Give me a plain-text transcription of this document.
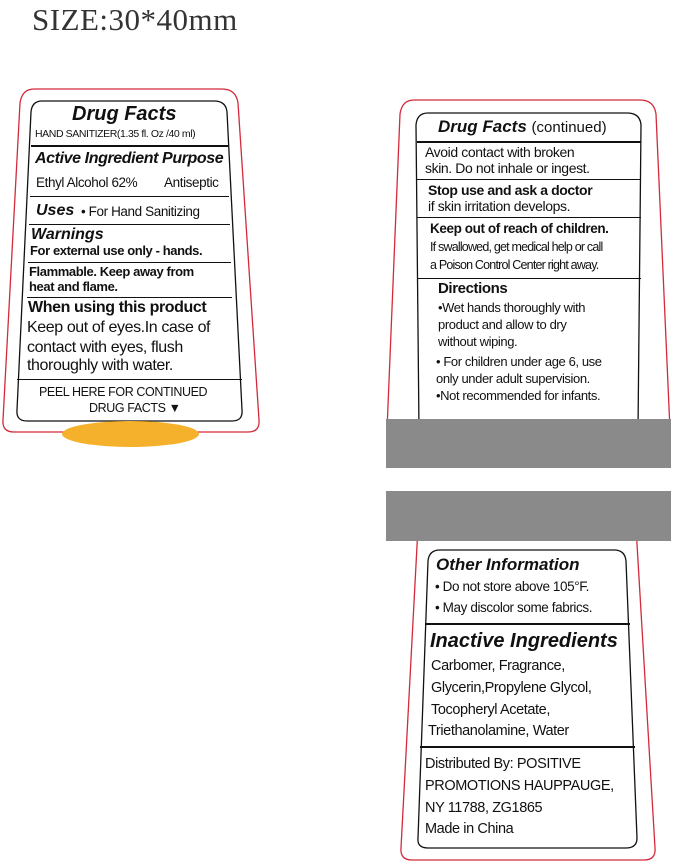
SIZE:30*40mm
Drug Facts
HAND SANITIZER(1.35 fl. Oz /40 ml)
Active Ingredient Purpose
Ethyl Alcohol 62% Antiseptic
Uses • For Hand Sanitizing
Warnings
For external use only - hands.
Flammable. Keep away from
heat and flame.
When using this product
Keep out of eyes.In case of
contact with eyes, flush
thoroughly with water.
PEEL HERE FOR CONTINUED
DRUG FACTS ▼
Drug Facts (continued)
Avoid contact with broken
skin. Do not inhale or ingest.
Stop use and ask a doctor
if skin irritation develops.
Keep out of reach of children.
If swallowed, get medical help or call
a Poison Control Center right away.
Directions
•Wet hands thoroughly with
product and allow to dry
without wiping.
• For children under age 6, use
only under adult supervision.
•Not recommended for infants.
Other Information
• Do not store above 105°F.
• May discolor some fabrics.
Inactive Ingredients
Carbomer, Fragrance,
Glycerin,Propylene Glycol,
Tocopheryl Acetate,
Triethanolamine, Water
Distributed By: POSITIVE
PROMOTIONS HAUPPAUGE,
NY 11788, ZG1865
Made in China
